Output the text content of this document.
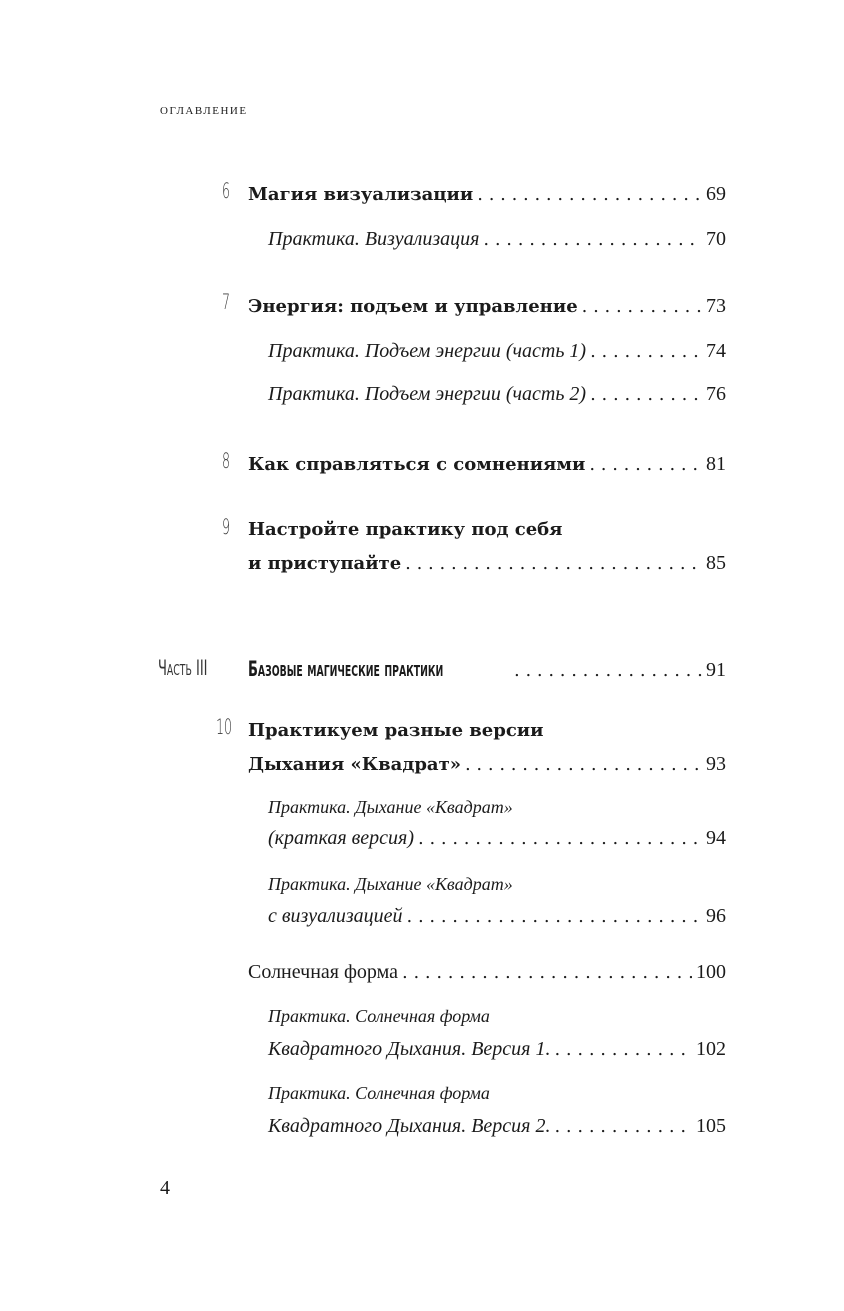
оглавление
6 Магия визуализации . . .	69
Практика. Визуализация . . .	70
7 Энергия: подъем и управление . . .	73
Практика. Подъем энергии (часть 1) . . .	74
Практика. Подъем энергии (часть 2) . . .	76
8 Как справляться с сомнениями . . .	81
9 Настройте практику под себя
и приступайте . . .	85
Часть III Базовые магические практики . . .	91
10 Практикуем разные версии
Дыхания «Квадрат» . . .	93
Практика. Дыхание «Квадрат»
(краткая версия) . . .	94
Практика. Дыхание «Квадрат»
с визуализацией . . .	96
Солнечная форма . . .	100
Практика. Солнечная форма
Квадратного Дыхания. Версия 1. . . .	102
Практика. Солнечная форма
Квадратного Дыхания. Версия 2. . . .	105
4
